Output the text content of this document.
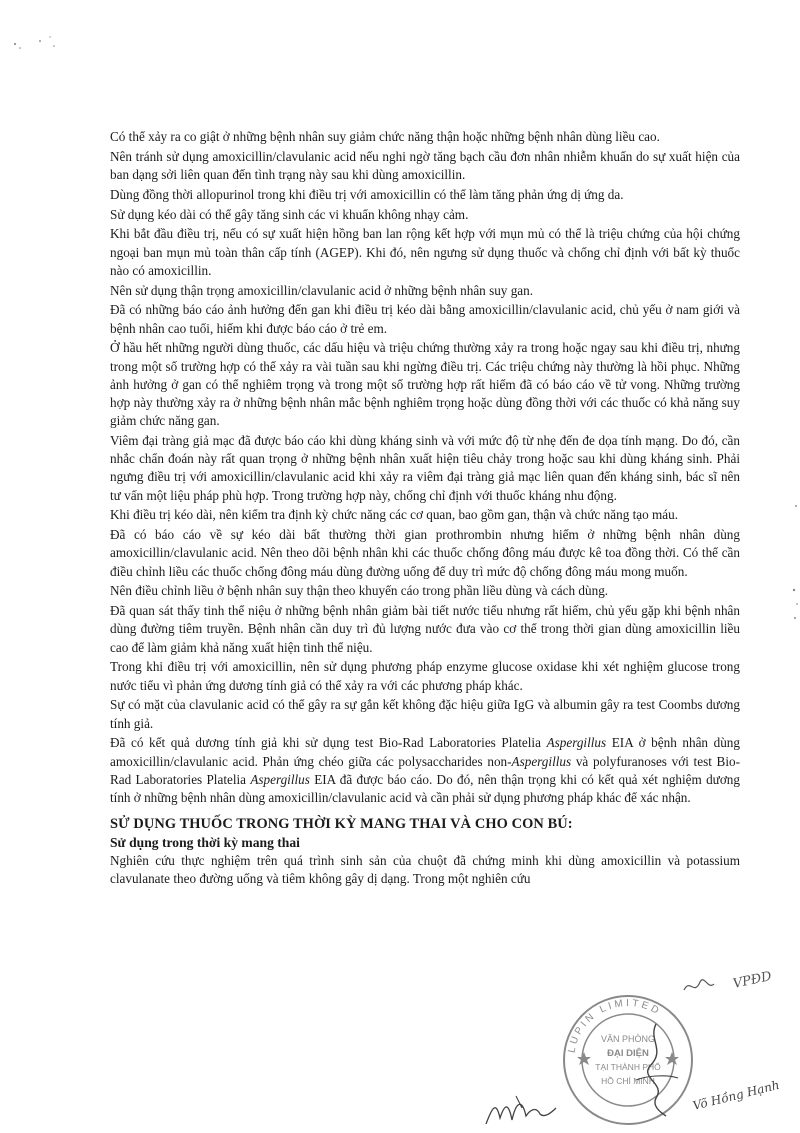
Có thể xảy ra co giật ở những bệnh nhân suy giảm chức năng thận hoặc những bệnh nhân dùng liều cao.

Nên tránh sử dụng amoxicillin/clavulanic acid nếu nghi ngờ tăng bạch cầu đơn nhân nhiễm khuẩn do sự xuất hiện của ban dạng sởi liên quan đến tình trạng này sau khi dùng amoxicillin.

Dùng đồng thời allopurinol trong khi điều trị với amoxicillin có thể làm tăng phản ứng dị ứng da.

Sử dụng kéo dài có thể gây tăng sinh các vi khuẩn không nhạy cảm.

Khi bắt đầu điều trị, nếu có sự xuất hiện hồng ban lan rộng kết hợp với mụn mủ có thể là triệu chứng của hội chứng ngoại ban mụn mủ toàn thân cấp tính (AGEP). Khi đó, nên ngưng sử dụng thuốc và chống chỉ định với bất kỳ thuốc nào có amoxicillin.

Nên sử dụng thận trọng amoxicillin/clavulanic acid ở những bệnh nhân suy gan.

Đã có những báo cáo ảnh hưởng đến gan khi điều trị kéo dài bằng amoxicillin/clavulanic acid, chủ yếu ở nam giới và bệnh nhân cao tuổi, hiếm khi được báo cáo ở trẻ em.

Ở hầu hết những người dùng thuốc, các dấu hiệu và triệu chứng thường xảy ra trong hoặc ngay sau khi điều trị, nhưng trong một số trường hợp có thể xảy ra vài tuần sau khi ngừng điều trị. Các triệu chứng này thường là hồi phục. Những ảnh hưởng ở gan có thể nghiêm trọng và trong một số trường hợp rất hiếm đã có báo cáo về tử vong. Những trường hợp này thường xảy ra ở những bệnh nhân mắc bệnh nghiêm trọng hoặc dùng đồng thời với các thuốc có khả năng suy giảm chức năng gan.

Viêm đại tràng giả mạc đã được báo cáo khi dùng kháng sinh và với mức độ từ nhẹ đến đe dọa tính mạng. Do đó, cần nhắc chẩn đoán này rất quan trọng ở những bệnh nhân xuất hiện tiêu chảy trong hoặc sau khi dùng kháng sinh. Phải ngưng điều trị với amoxicillin/clavulanic acid khi xảy ra viêm đại tràng giả mạc liên quan đến kháng sinh, bác sĩ nên tư vấn một liệu pháp phù hợp. Trong trường hợp này, chống chỉ định với thuốc kháng nhu động.

Khi điều trị kéo dài, nên kiểm tra định kỳ chức năng các cơ quan, bao gồm gan, thận và chức năng tạo máu.

Đã có báo cáo về sự kéo dài bất thường thời gian prothrombin nhưng hiếm ở những bệnh nhân dùng amoxicillin/clavulanic acid. Nên theo dõi bệnh nhân khi các thuốc chống đông máu được kê toa đồng thời. Có thể cần điều chỉnh liều các thuốc chống đông máu dùng đường uống để duy trì mức độ chống đông máu mong muốn.

Nên điều chỉnh liều ở bệnh nhân suy thận theo khuyến cáo trong phần liều dùng và cách dùng.

Đã quan sát thấy tinh thể niệu ở những bệnh nhân giảm bài tiết nước tiểu nhưng rất hiếm, chủ yếu gặp khi bệnh nhân dùng đường tiêm truyền. Bệnh nhân cần duy trì đủ lượng nước đưa vào cơ thể trong thời gian dùng amoxicillin liều cao để làm giảm khả năng xuất hiện tinh thể niệu.

Trong khi điều trị với amoxicillin, nên sử dụng phương pháp enzyme glucose oxidase khi xét nghiệm glucose trong nước tiểu vì phản ứng dương tính giả có thể xảy ra với các phương pháp khác.

Sự có mặt của clavulanic acid có thể gây ra sự gắn kết không đặc hiệu giữa IgG và albumin gây ra test Coombs dương tính giả.

Đã có kết quả dương tính giả khi sử dụng test Bio-Rad Laboratories Platelia Aspergillus EIA ở bệnh nhân dùng amoxicillin/clavulanic acid. Phản ứng chéo giữa các polysaccharides non-Aspergillus và polyfuranoses với test Bio-Rad Laboratories Platelia Aspergillus EIA đã được báo cáo. Do đó, nên thận trọng khi có kết quả xét nghiệm dương tính ở những bệnh nhân dùng amoxicillin/clavulanic acid và cần phải sử dụng phương pháp khác để xác nhận.

SỬ DỤNG THUỐC TRONG THỜI KỲ MANG THAI VÀ CHO CON BÚ:
Sử dụng trong thời kỳ mang thai

Nghiên cứu thực nghiệm trên quá trình sinh sản của chuột đã chứng minh khi dùng amoxicillin và potassium clavulanate theo đường uống và tiêm không gây dị dạng. Trong một nghiên cứu

LUPIN LIMITED
VĂN PHÒNG
ĐẠI DIỆN
TẠI THÀNH PHỐ
HỒ CHÍ MINH
VPĐD
Võ Hồng Hạnh
